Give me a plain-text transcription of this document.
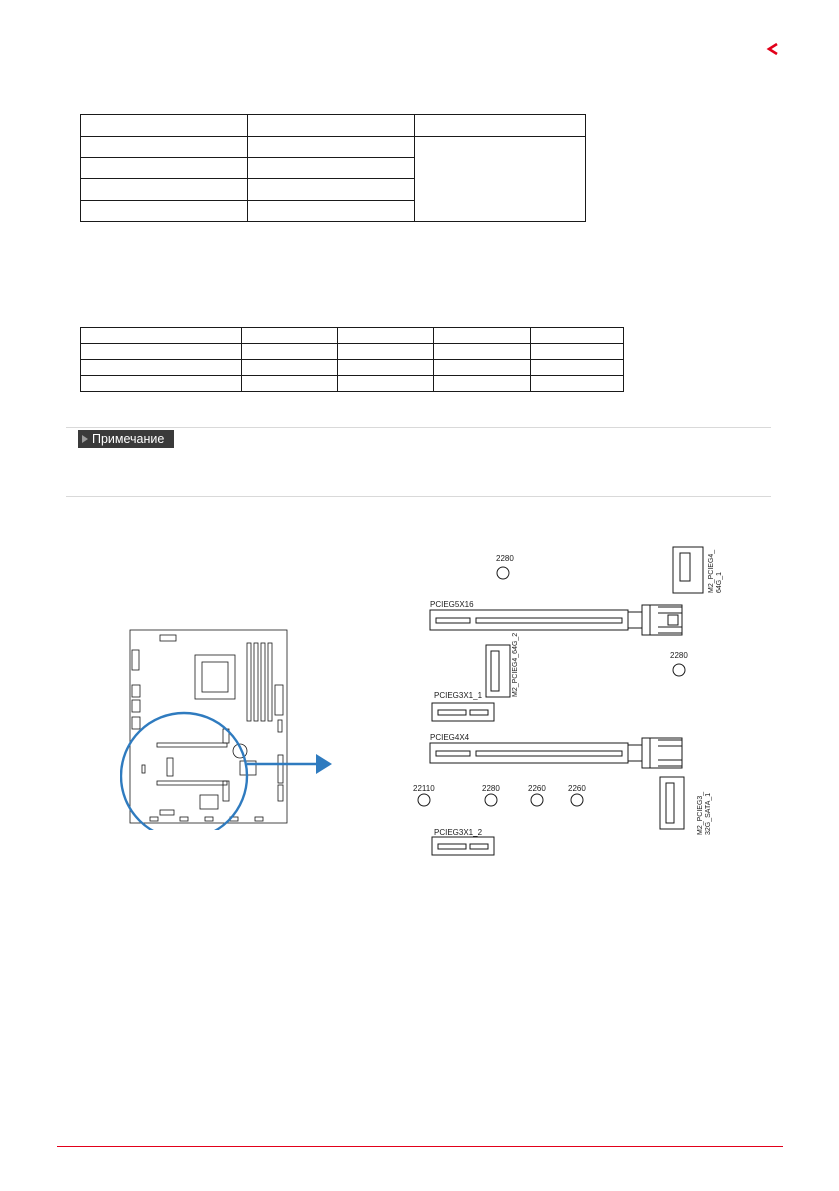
Примечание
2280
PCIEG5X16
2280
PCIEG3X1_1
PCIEG4X4
22110	2280	2260	2260
PCIEG3X1_2
M2_PCIEG4_
64G_1
M2_PCIEG4_64G_2
M2_PCIEG3_
32G_SATA_1
